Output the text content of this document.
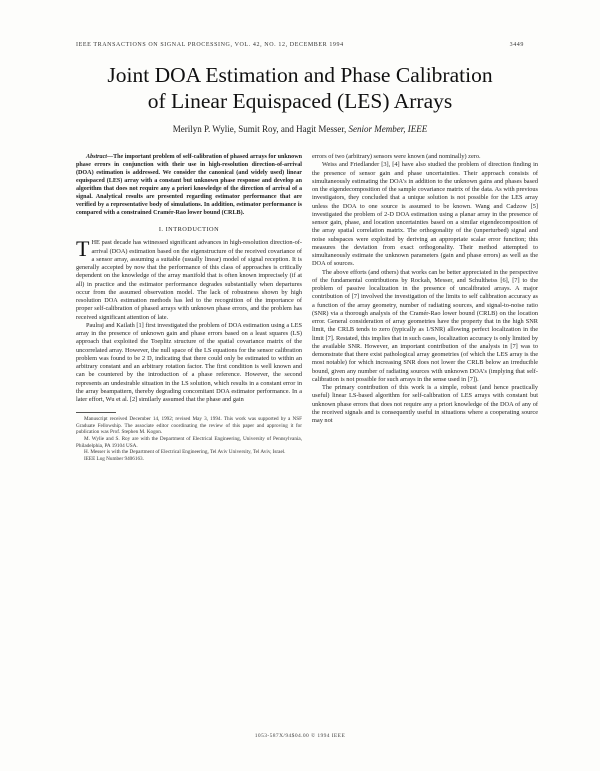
IEEE TRANSACTIONS ON SIGNAL PROCESSING, VOL. 42, NO. 12, DECEMBER 1994	3449
Joint DOA Estimation and Phase Calibration
of Linear Equispaced (LES) Arrays
Merilyn P. Wylie, Sumit Roy, and Hagit Messer, Senior Member, IEEE

Abstract—The important problem of self-calibration of phased arrays for unknown phase errors in conjunction with their use in high-resolution direction-of-arrival (DOA) estimation is addressed. We consider the canonical (and widely used) linear equispaced (LES) array with a constant but unknown phase response and develop an algorithm that does not require any a priori knowledge of the direction of arrival of a signal. Analytical results are presented regarding estimator performance that are verified by a representative body of simulations. In addition, estimator performance is compared with a constrained Cramér-Rao lower bound (CRLB).

I. INTRODUCTION

THE past decade has witnessed significant advances in high-resolution direction-of-arrival (DOA) estimation based on the eigenstructure of the received covariance of a sensor array, assuming a suitable (usually linear) model of signal reception. It is generally accepted by now that the performance of this class of approaches is critically dependent on the knowledge of the array manifold that is often known imprecisely (if at all) in practice and the estimator performance degrades substantially when departures occur from the assumed observation model. The lack of robustness shown by high resolution DOA estimation methods has led to the recognition of the importance of proper self-calibration of phased arrays with unknown phase errors, and the problem has received significant attention of late.

Paulraj and Kailath [1] first investigated the problem of DOA estimation using a LES array in the presence of unknown gain and phase errors based on a least squares (LS) approach that exploited the Toeplitz structure of the spatial covariance matrix of the uncorrelated array. However, the null space of the LS equations for the sensor calibration problem was found to be 2 D, indicating that there could only be estimated to within an arbitrary constant and an arbitrary rotation factor. The first condition is well known and can be countered by the introduction of a phase reference. However, the second represents an undesirable situation in the LS solution, which results in a constant error in the array beampattern, thereby degrading concomitant DOA estimator performance. In a later effort, Wu et al. [2] similarly assumed that the phase and gain

Manuscript received December 14, 1992; revised May 3, 1994. This work was supported by a NSF Graduate Fellowship. The associate editor coordinating the review of this paper and approving it for publication was Prof. Stephen M. Kogon.

M. Wylie and S. Roy are with the Department of Electrical Engineering, University of Pennsylvania, Philadelphia, PA 19104 USA.

H. Messer is with the Department of Electrical Engineering, Tel Aviv University, Tel Aviv, Israel.

IEEE Log Number 9406163.

errors of two (arbitrary) sensors were known (and nominally) zero.

Weiss and Friedlander [3], [4] have also studied the problem of direction finding in the presence of sensor gain and phase uncertainties. Their approach consists of simultaneously estimating the DOA's in addition to the unknown gains and phases based on the eigendecomposition of the sample covariance matrix of the data. As with previous investigators, they concluded that a unique solution is not possible for the LES array unless the DOA to one source is assumed to be known. Wang and Cadzow [5] investigated the problem of 2-D DOA estimation using a planar array in the presence of sensor gain, phase, and location uncertainties based on a similar eigendecomposition of the array spatial correlation matrix. The orthogonality of the (unperturbed) signal and noise subspaces were exploited by deriving an appropriate scalar error function; this measures the deviation from exact orthogonality. Their method attempted to simultaneously estimate the unknown parameters (gain and phase errors) as well as the DOA of sources.

The above efforts (and others) that works can be better appreciated in the perspective of the fundamental contributions by Rockah, Messer, and Schultheiss [6], [7] to the problem of passive localization in the presence of uncalibrated arrays. A major contribution of [7] involved the investigation of the limits to self calibration accuracy as a function of the array geometry, number of radiating sources, and signal-to-noise ratio (SNR) via a thorough analysis of the Cramér-Rao lower bound (CRLB) on the location error. General consideration of array geometries have the property that in the high SNR limit, the CRLB tends to zero (typically as 1/SNR) allowing perfect localization in the limit [7]. Restated, this implies that in such cases, localization accuracy is only limited by the available SNR. However, an important contribution of the analysis in [7] was to demonstrate that there exist pathological array geometries (of which the LES array is the most notable) for which increasing SNR does not lower the CRLB below an irreducible bound, given any number of radiating sources with unknown DOA's (implying that self-calibration is not possible for such arrays in the sense used in [7]).

The primary contribution of this work is a simple, robust (and hence practically useful) linear LS-based algorithm for self-calibration of LES arrays with constant but unknown phase errors that does not require any a priori knowledge of the DOA of any of the received signals and is consequently useful in situations where a cooperating source may not

1053-587X/94$04.00 © 1994 IEEE
